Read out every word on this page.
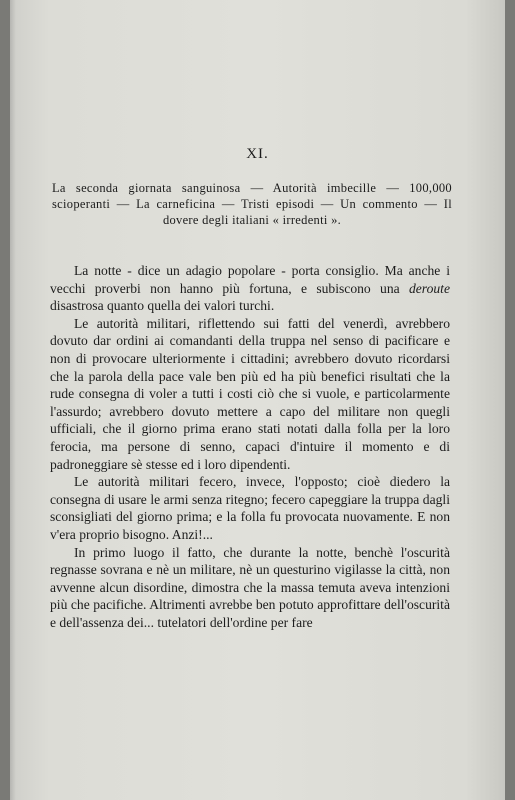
XI.
La seconda giornata sanguinosa — Autorità imbecille — 100,000 scioperanti — La carneficina — Tristi episodi — Un commento — Il dovere degli italiani « irredenti ».

La notte - dice un adagio popolare - porta consiglio. Ma anche i vecchi proverbi non hanno più fortuna, e subiscono una deroute disastrosa quanto quella dei valori turchi.

Le autorità militari, riflettendo sui fatti del venerdì, avrebbero dovuto dar ordini ai comandanti della truppa nel senso di pacificare e non di provocare ulteriormente i cittadini; avrebbero dovuto ricordarsi che la parola della pace vale ben più ed ha più benefici risultati che la rude consegna di voler a tutti i costi ciò che si vuole, e particolarmente l'assurdo; avrebbero dovuto mettere a capo del militare non quegli ufficiali, che il giorno prima erano stati notati dalla folla per la loro ferocia, ma persone di senno, capaci d'intuire il momento e di padroneggiare sè stesse ed i loro dipendenti.

Le autorità militari fecero, invece, l'opposto; cioè diedero la consegna di usare le armi senza ritegno; fecero capeggiare la truppa dagli sconsigliati del giorno prima; e la folla fu provocata nuovamente. E non v'era proprio bisogno. Anzi!...

In primo luogo il fatto, che durante la notte, benchè l'oscurità regnasse sovrana e nè un militare, nè un questurino vigilasse la città, non avvenne alcun disordine, dimostra che la massa temuta aveva intenzioni più che pacifiche. Altrimenti avrebbe ben potuto approfittare dell'oscurità e dell'assenza dei... tutelatori dell'ordine per fare
